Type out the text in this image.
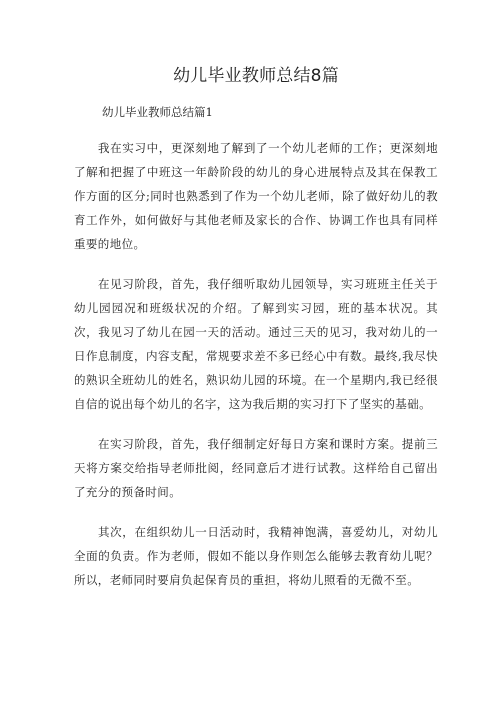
幼儿毕业教师总结8篇

幼儿毕业教师总结篇1

我在实习中，更深刻地了解到了一个幼儿老师的工作；更深刻地了解和把握了中班这一年龄阶段的幼儿的身心进展特点及其在保教工作方面的区分;同时也熟悉到了作为一个幼儿老师，除了做好幼儿的教育工作外，如何做好与其他老师及家长的合作、协调工作也具有同样重要的地位。

在见习阶段，首先，我仔细听取幼儿园领导，实习班班主任关于幼儿园园况和班级状况的介绍。了解到实习园，班的基本状况。其次，我见习了幼儿在园一天的活动。通过三天的见习，我对幼儿的一日作息制度，内容支配，常规要求差不多已经心中有数。最终,我尽快的熟识全班幼儿的姓名，熟识幼儿园的环境。在一个星期内,我已经很自信的说出每个幼儿的名字，这为我后期的实习打下了坚实的基础。

在实习阶段，首先，我仔细制定好每日方案和课时方案。提前三天将方案交给指导老师批阅，经同意后才进行试教。这样给自己留出了充分的预备时间。

其次，在组织幼儿一日活动时，我精神饱满，喜爱幼儿，对幼儿全面的负责。作为老师，假如不能以身作则怎么能够去教育幼儿呢？所以，老师同时要肩负起保育员的重担，将幼儿照看的无微不至。
